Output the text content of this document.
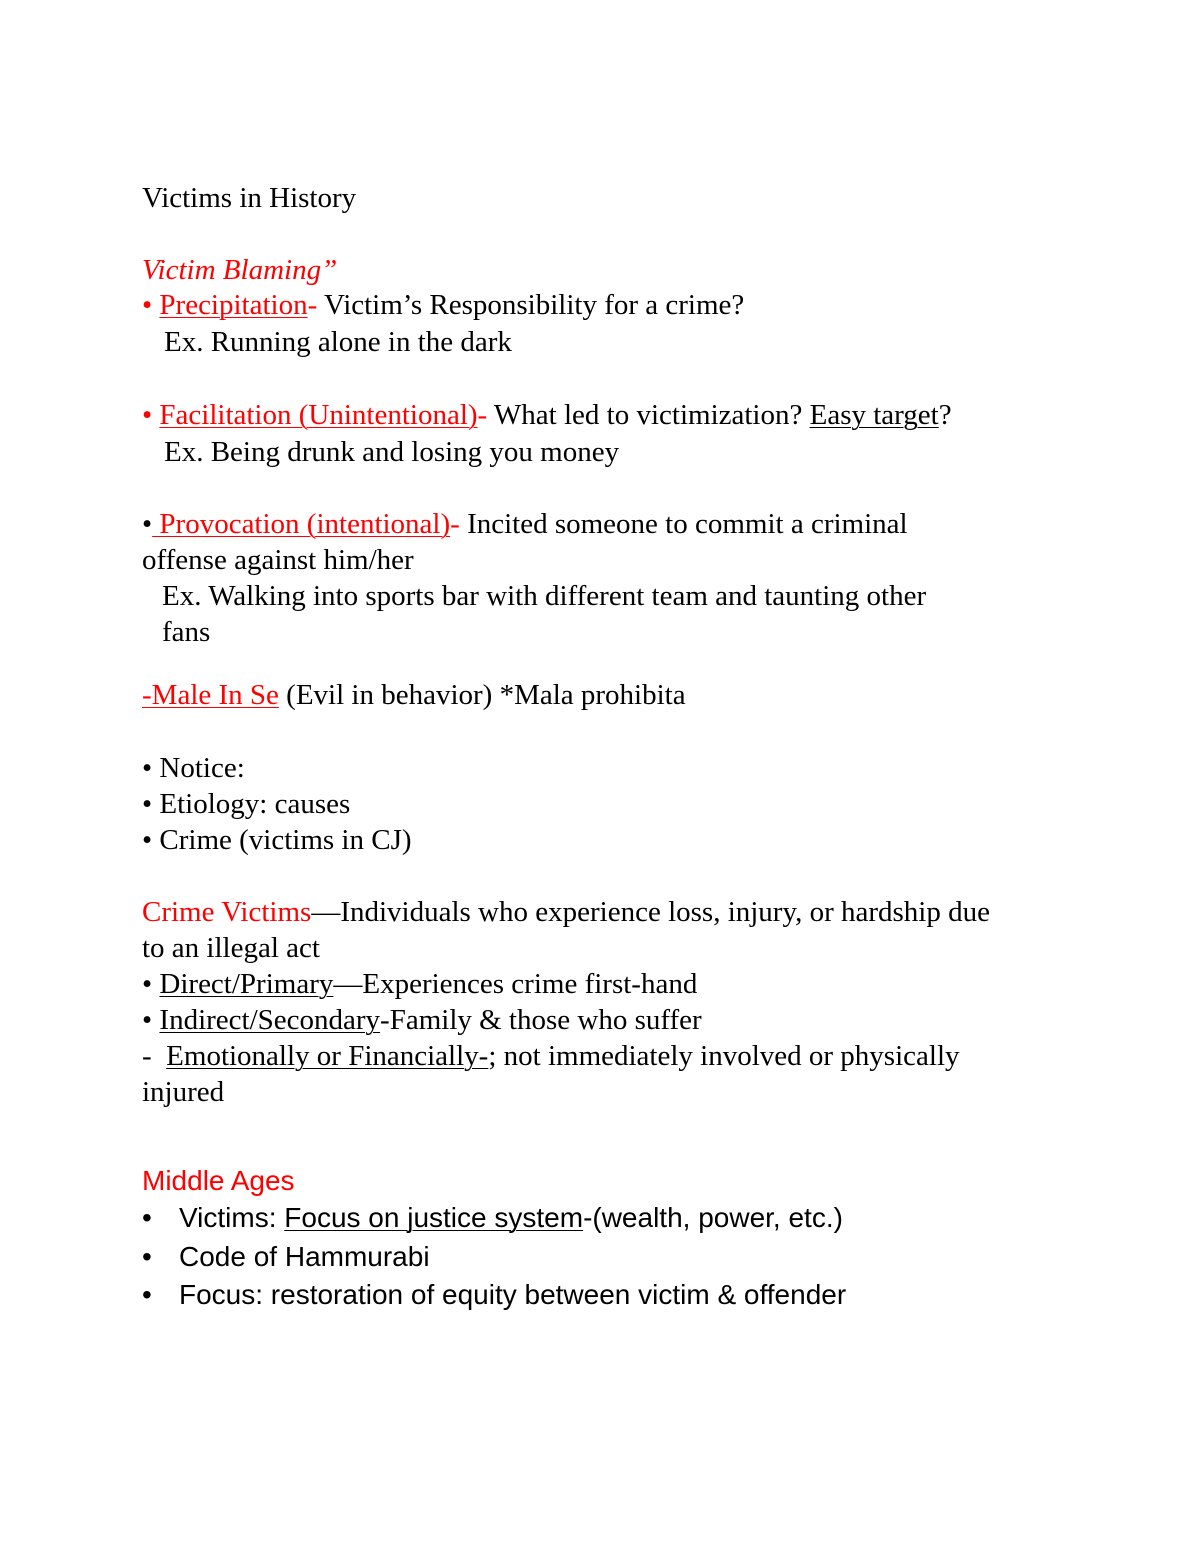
Victims in History

Victim Blaming”

• Precipitation- Victim’s Responsibility for a crime?

Ex. Running alone in the dark

• Facilitation (Unintentional)- What led to victimization? Easy target?

Ex. Being drunk and losing you money

• Provocation (intentional)- Incited someone to commit a criminal

offense against him/her

Ex. Walking into sports bar with different team and taunting other

fans

-Male In Se (Evil in behavior) *Mala prohibita

• Notice:

• Etiology: causes

• Crime (victims in CJ)

Crime Victims—Individuals who experience loss, injury, or hardship due

to an illegal act

• Direct/Primary—Experiences crime first-hand

• Indirect/Secondary-Family & those who suffer

-  Emotionally or Financially-; not immediately involved or physically

injured

Middle Ages

• Victims: Focus on justice system-(wealth, power, etc.)

• Code of Hammurabi

• Focus: restoration of equity between victim & offender
